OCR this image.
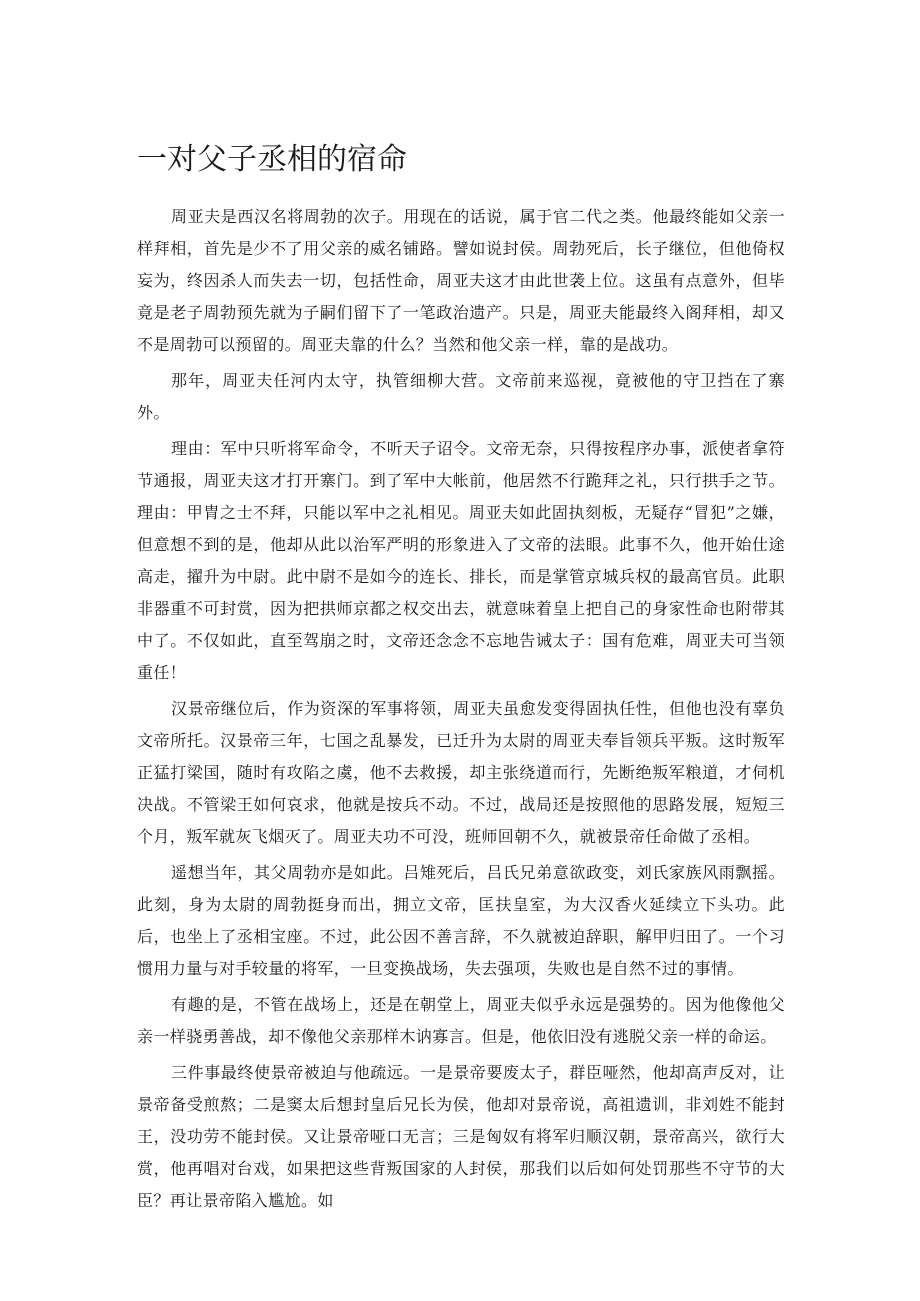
一对父子丞相的宿命

周亚夫是西汉名将周勃的次子。用现在的话说，属于官二代之类。他最终能如父亲一样拜相，首先是少不了用父亲的威名铺路。譬如说封侯。周勃死后，长子继位，但他倚权妄为，终因杀人而失去一切，包括性命，周亚夫这才由此世袭上位。这虽有点意外，但毕竟是老子周勃预先就为子嗣们留下了一笔政治遗产。只是，周亚夫能最终入阁拜相，却又不是周勃可以预留的。周亚夫靠的什么？当然和他父亲一样，靠的是战功。

那年，周亚夫任河内太守，执管细柳大营。文帝前来巡视，竟被他的守卫挡在了寨外。

理由：军中只听将军命令，不听天子诏令。文帝无奈，只得按程序办事，派使者拿符节通报，周亚夫这才打开寨门。到了军中大帐前，他居然不行跪拜之礼，只行拱手之节。理由：甲胄之士不拜，只能以军中之礼相见。周亚夫如此固执刻板，无疑存“冒犯”之嫌，但意想不到的是，他却从此以治军严明的形象进入了文帝的法眼。此事不久，他开始仕途高走，擢升为中尉。此中尉不是如今的连长、排长，而是掌管京城兵权的最高官员。此职非器重不可封赏，因为把拱师京都之权交出去，就意味着皇上把自己的身家性命也附带其中了。不仅如此，直至驾崩之时，文帝还念念不忘地告诫太子：国有危难，周亚夫可当领重任！

汉景帝继位后，作为资深的军事将领，周亚夫虽愈发变得固执任性，但他也没有辜负文帝所托。汉景帝三年，七国之乱暴发，已迁升为太尉的周亚夫奉旨领兵平叛。这时叛军正猛打梁国，随时有攻陷之虞，他不去救援，却主张绕道而行，先断绝叛军粮道，才伺机决战。不管梁王如何哀求，他就是按兵不动。不过，战局还是按照他的思路发展，短短三个月，叛军就灰飞烟灭了。周亚夫功不可没，班师回朝不久，就被景帝任命做了丞相。

遥想当年，其父周勃亦是如此。吕雉死后，吕氏兄弟意欲政变，刘氏家族风雨飘摇。此刻，身为太尉的周勃挺身而出，拥立文帝，匡扶皇室，为大汉香火延续立下头功。此后，也坐上了丞相宝座。不过，此公因不善言辞，不久就被迫辞职，解甲归田了。一个习惯用力量与对手较量的将军，一旦变换战场，失去强项，失败也是自然不过的事情。

有趣的是，不管在战场上，还是在朝堂上，周亚夫似乎永远是强势的。因为他像他父亲一样骁勇善战，却不像他父亲那样木讷寡言。但是，他依旧没有逃脱父亲一样的命运。

三件事最终使景帝被迫与他疏远。一是景帝要废太子，群臣哑然，他却高声反对，让景帝备受煎熬；二是窦太后想封皇后兄长为侯，他却对景帝说，高祖遗训，非刘姓不能封王，没功劳不能封侯。又让景帝哑口无言；三是匈奴有将军归顺汉朝，景帝高兴，欲行大赏，他再唱对台戏，如果把这些背叛国家的人封侯，那我们以后如何处罚那些不守节的大臣？再让景帝陷入尴尬。如
